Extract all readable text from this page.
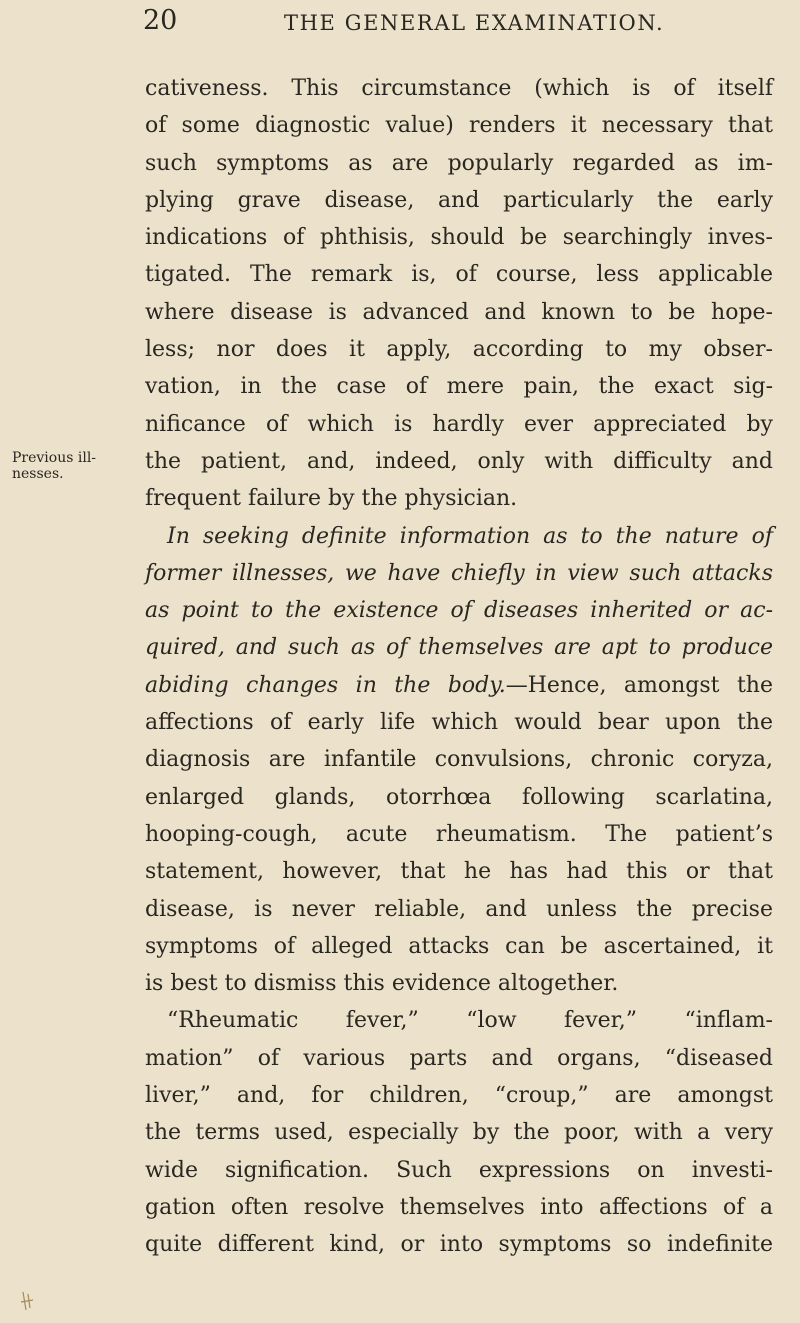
20	THE GENERAL EXAMINATION.
Previous ill-
nesses.
cativeness. This circumstance (which is of itself
of some diagnostic value) renders it necessary that
such symptoms as are popularly regarded as im-
plying grave disease, and particularly the early
indications of phthisis, should be searchingly inves-
tigated. The remark is, of course, less applicable
where disease is advanced and known to be hope-
less; nor does it apply, according to my obser-
vation, in the case of mere pain, the exact sig-
nificance of which is hardly ever appreciated by
the patient, and, indeed, only with difficulty and
frequent failure by the physician.
In seeking definite information as to the nature of
former illnesses, we have chiefly in view such attacks
as point to the existence of diseases inherited or ac-
quired, and such as of themselves are apt to produce
abiding changes in the body.—Hence, amongst the
affections of early life which would bear upon the
diagnosis are infantile convulsions, chronic coryza,
enlarged glands, otorrhœa following scarlatina,
hooping-cough, acute rheumatism. The patient’s
statement, however, that he has had this or that
disease, is never reliable, and unless the precise
symptoms of alleged attacks can be ascertained, it
is best to dismiss this evidence altogether.
“Rheumatic fever,” “low fever,” “inflam-
mation” of various parts and organs, “diseased
liver,” and, for children, “croup,” are amongst
the terms used, especially by the poor, with a very
wide signification. Such expressions on investi-
gation often resolve themselves into affections of a
quite different kind, or into symptoms so indefinite
